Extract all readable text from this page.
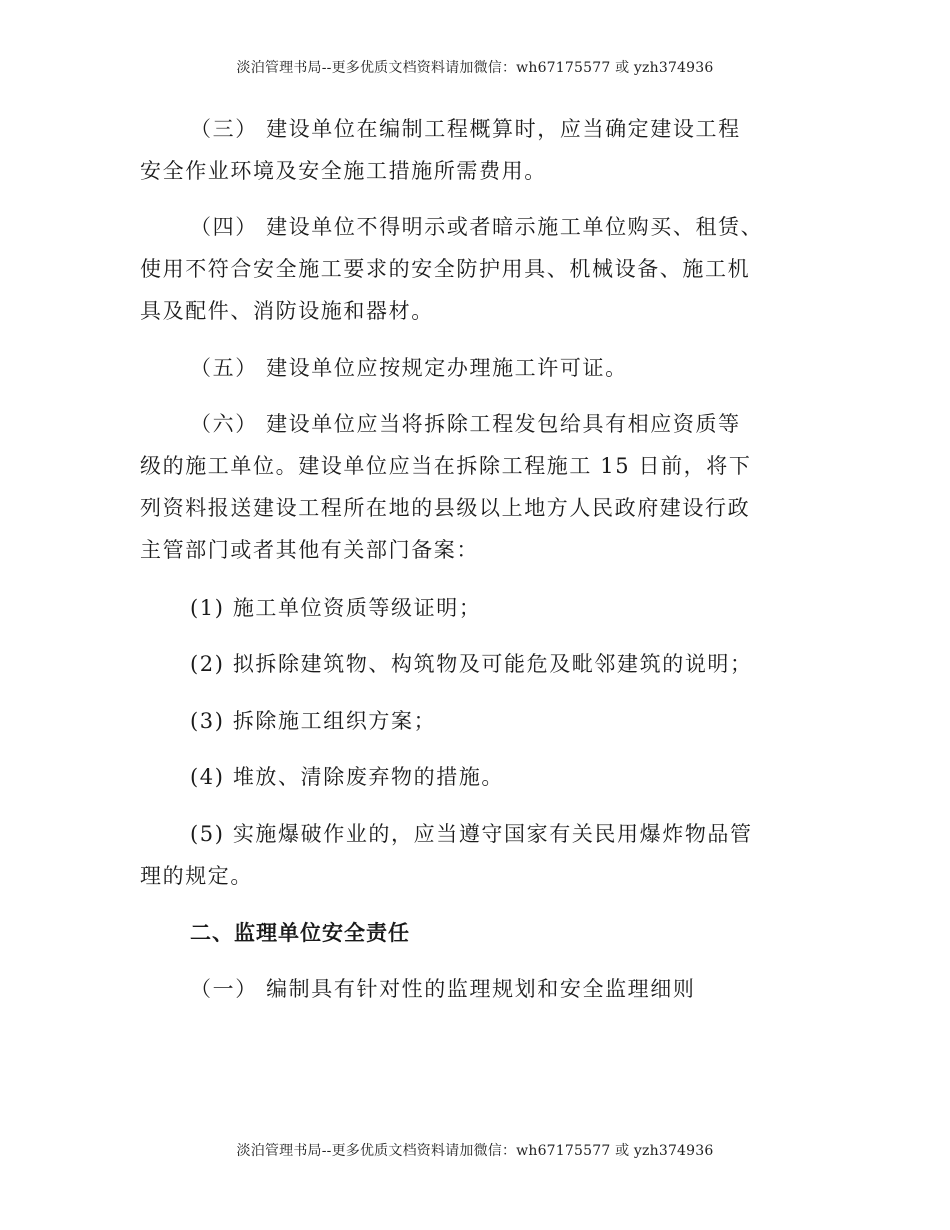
淡泊管理书局--更多优质文档资料请加微信：wh67175577 或 yzh374936
（三） 建设单位在编制工程概算时，应当确定建设工程
安全作业环境及安全施工措施所需费用。
（四） 建设单位不得明示或者暗示施工单位购买、租赁、
使用不符合安全施工要求的安全防护用具、机械设备、施工机
具及配件、消防设施和器材。
（五） 建设单位应按规定办理施工许可证。
（六） 建设单位应当将拆除工程发包给具有相应资质等
级的施工单位。建设单位应当在拆除工程施工 15 日前，将下
列资料报送建设工程所在地的县级以上地方人民政府建设行政
主管部门或者其他有关部门备案：
(1) 施工单位资质等级证明；
(2) 拟拆除建筑物、构筑物及可能危及毗邻建筑的说明；
(3) 拆除施工组织方案；
(4) 堆放、清除废弃物的措施。
(5) 实施爆破作业的，应当遵守国家有关民用爆炸物品管
理的规定。
二、监理单位安全责任
（一） 编制具有针对性的监理规划和安全监理细则
淡泊管理书局--更多优质文档资料请加微信：wh67175577 或 yzh374936
